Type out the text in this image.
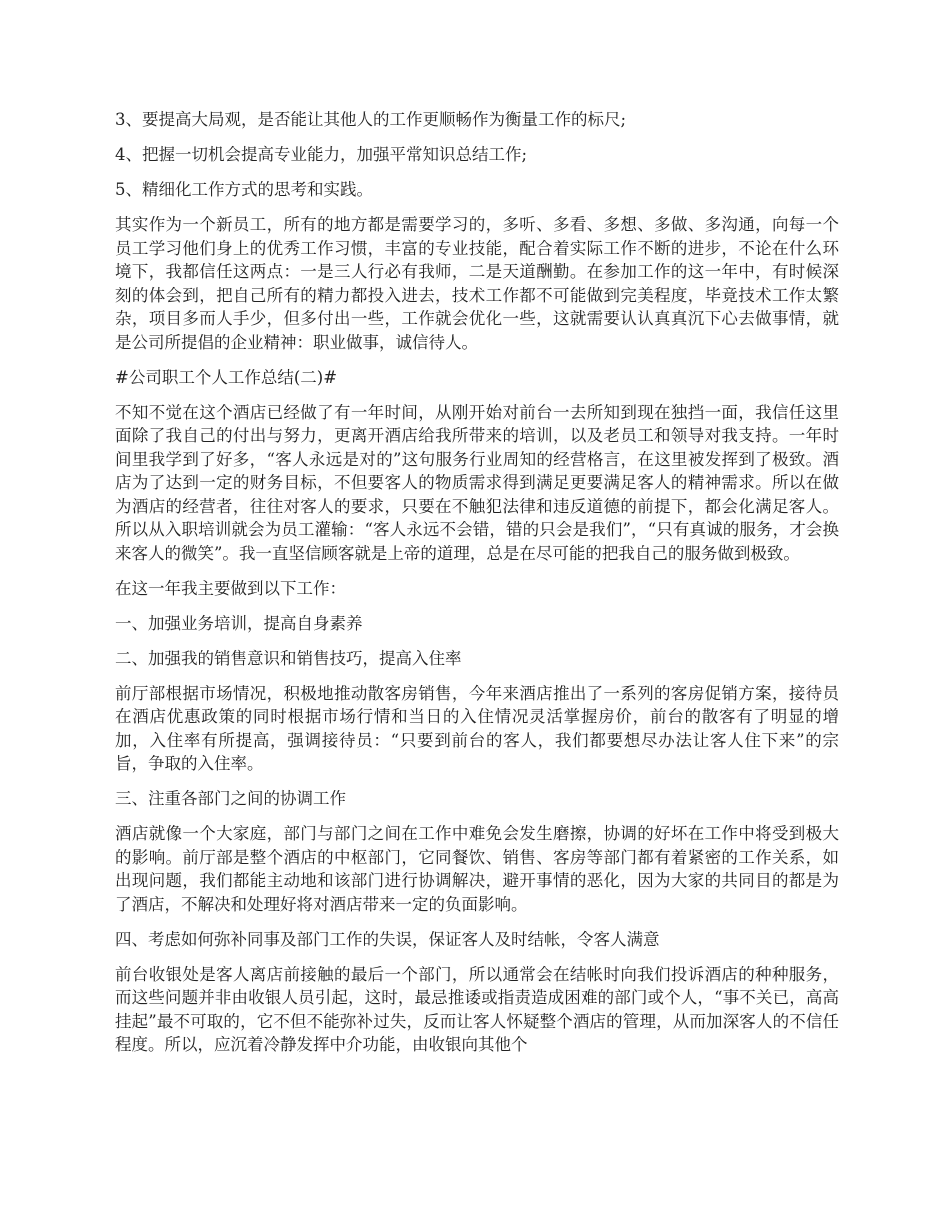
3、要提高大局观，是否能让其他人的工作更顺畅作为衡量工作的标尺;

4、把握一切机会提高专业能力，加强平常知识总结工作;

5、精细化工作方式的思考和实践。

其实作为一个新员工，所有的地方都是需要学习的，多听、多看、多想、多做、多沟通，向每一个员工学习他们身上的优秀工作习惯，丰富的专业技能，配合着实际工作不断的进步，不论在什么环境下，我都信任这两点：一是三人行必有我师，二是天道酬勤。在参加工作的这一年中，有时候深刻的体会到，把自己所有的精力都投入进去，技术工作都不可能做到完美程度，毕竟技术工作太繁杂，项目多而人手少，但多付出一些，工作就会优化一些，这就需要认认真真沉下心去做事情，就是公司所提倡的企业精神：职业做事，诚信待人。

#公司职工个人工作总结(二)#

不知不觉在这个酒店已经做了有一年时间，从刚开始对前台一去所知到现在独挡一面，我信任这里面除了我自己的付出与努力，更离开酒店给我所带来的培训，以及老员工和领导对我支持。一年时间里我学到了好多，“客人永远是对的”这句服务行业周知的经营格言，在这里被发挥到了极致。酒店为了达到一定的财务目标，不但要客人的物质需求得到满足更要满足客人的精神需求。所以在做为酒店的经营者，往往对客人的要求，只要在不触犯法律和违反道德的前提下，都会化满足客人。所以从入职培训就会为员工灌输：“客人永远不会错，错的只会是我们”，“只有真诚的服务，才会换来客人的微笑”。我一直坚信顾客就是上帝的道理，总是在尽可能的把我自己的服务做到极致。

在这一年我主要做到以下工作：

一、加强业务培训，提高自身素养

二、加强我的销售意识和销售技巧，提高入住率

前厅部根据市场情况，积极地推动散客房销售，今年来酒店推出了一系列的客房促销方案，接待员在酒店优惠政策的同时根据市场行情和当日的入住情况灵活掌握房价，前台的散客有了明显的增加，入住率有所提高，强调接待员：“只要到前台的客人，我们都要想尽办法让客人住下来”的宗旨，争取的入住率。

三、注重各部门之间的协调工作

酒店就像一个大家庭，部门与部门之间在工作中难免会发生磨擦，协调的好坏在工作中将受到极大的影响。前厅部是整个酒店的中枢部门，它同餐饮、销售、客房等部门都有着紧密的工作关系，如出现问题，我们都能主动地和该部门进行协调解决，避开事情的恶化，因为大家的共同目的都是为了酒店，不解决和处理好将对酒店带来一定的负面影响。

四、考虑如何弥补同事及部门工作的失误，保证客人及时结帐，令客人满意

前台收银处是客人离店前接触的最后一个部门，所以通常会在结帐时向我们投诉酒店的种种服务，而这些问题并非由收银人员引起，这时，最忌推诿或指责造成困难的部门或个人，“事不关已，高高挂起”最不可取的，它不但不能弥补过失，反而让客人怀疑整个酒店的管理，从而加深客人的不信任程度。所以，应沉着冷静发挥中介功能，由收银向其他个
